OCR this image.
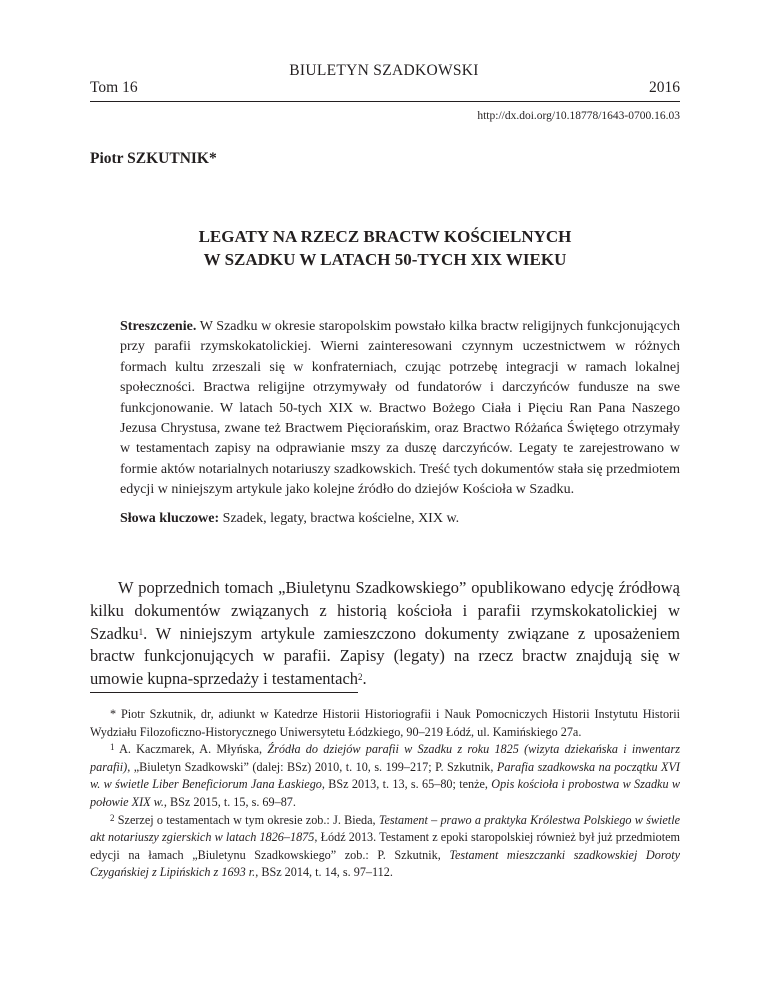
BIULETYN SZADKOWSKI
Tom 16	2016
http://dx.doi.org/10.18778/1643-0700.16.03
Piotr SZKUTNIK*
LEGATY NA RZECZ BRACTW KOŚCIELNYCH
W SZADKU W LATACH 50-TYCH XIX WIEKU

Streszczenie. W Szadku w okresie staropolskim powstało kilka bractw religijnych funkcjonujących przy parafii rzymskokatolickiej. Wierni zainteresowani czynnym uczestnictwem w różnych formach kultu zrzeszali się w konfraterniach, czując potrzebę integracji w ramach lokalnej społeczności. Bractwa religijne otrzymywały od fundatorów i darczyńców fundusze na swe funkcjonowanie. W latach 50-tych XIX w. Bractwo Bożego Ciała i Pięciu Ran Pana Naszego Jezusa Chrystusa, zwane też Bractwem Pięciorańskim, oraz Bractwo Różańca Świętego otrzymały w testamentach zapisy na odprawianie mszy za duszę darczyńców. Legaty te zarejestrowano w formie aktów notarialnych notariuszy szadkowskich. Treść tych dokumentów stała się przedmiotem edycji w niniejszym artykule jako kolejne źródło do dziejów Kościoła w Szadku.

Słowa kluczowe: Szadek, legaty, bractwa kościelne, XIX w.

W poprzednich tomach „Biuletynu Szadkowskiego” opublikowano edycję źródłową kilku dokumentów związanych z historią kościoła i parafii rzymskokatolickiej w Szadku$^1$. W niniejszym artykule zamieszczono dokumenty związane z uposażeniem bractw funkcjonujących w parafii. Zapisy (legaty) na rzecz bractw znajdują się w umowie kupna-sprzedaży i testamentach$^2$.

* Piotr Szkutnik, dr, adiunkt w Katedrze Historii Historiografii i Nauk Pomocniczych Historii Instytutu Historii Wydziału Filozoficzno-Historycznego Uniwersytetu Łódzkiego, 90–219 Łódź, ul. Kamińskiego 27a.

$^1$ A. Kaczmarek, A. Młyńska, Źródła do dziejów parafii w Szadku z roku 1825 (wizyta dziekańska i inwentarz parafii), „Biuletyn Szadkowski” (dalej: BSz) 2010, t. 10, s. 199–217; P. Szkutnik, Parafia szadkowska na początku XVI w. w świetle Liber Beneficiorum Jana Łaskiego, BSz 2013, t. 13, s. 65–80; tenże, Opis kościoła i probostwa w Szadku w połowie XIX w., BSz 2015, t. 15, s. 69–87.

$^2$ Szerzej o testamentach w tym okresie zob.: J. Bieda, Testament – prawo a praktyka Królestwa Polskiego w świetle akt notariuszy zgierskich w latach 1826–1875, Łódź 2013. Testament z epoki staropolskiej również był już przedmiotem edycji na łamach „Biuletynu Szadkowskiego” zob.: P. Szkutnik, Testament mieszczanki szadkowskiej Doroty Czygańskiej z Lipińskich z 1693 r., BSz 2014, t. 14, s. 97–112.
